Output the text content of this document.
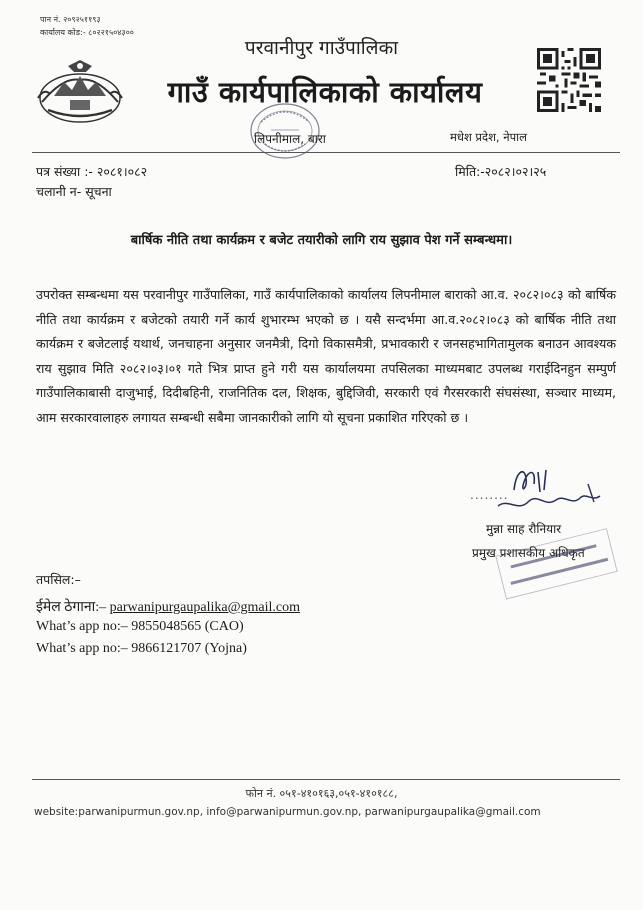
पान नं. २०९२५११९३
कार्यालय कोड:- ८०२२१५०४३००
परवानीपुर गाउँपालिका
गाउँ कार्यपालिकाको कार्यालय
लिपनीमाल, बारा	मधेश प्रदेश, नेपाल
पत्र संख्या :- २०८१।०८२	मिति:-२०८२।०२।२५
चलानी न- सूचना
बार्षिक नीति तथा कार्यक्रम र बजेट तयारीको लागि राय सुझाव पेश गर्ने सम्बन्धमा।
उपरोक्त सम्बन्धमा यस परवानीपुर गाउँपालिका, गाउँ कार्यपालिकाको कार्यालय लिपनीमाल बाराको आ.व. २०८२।०८३ को बार्षिक नीति तथा कार्यक्रम र बजेटको तयारी गर्ने कार्य शुभारम्भ भएको छ । यसै सन्दर्भमा आ.व.२०८२।०८३ को बार्षिक नीति तथा कार्यक्रम र बजेटलाई यथार्थ, जनचाहना अनुसार जनमैत्री, दिगो विकासमैत्री, प्रभावकारी र जनसहभागितामुलक बनाउन आवश्यक राय सुझाव मिति २०८२।०३।०१ गते भित्र प्राप्त हुने गरी यस कार्यालयमा तपसिलका माध्यमबाट उपलब्ध गराईदिनहुन सम्पुर्ण गाउँपालिकाबासी दाजुभाई, दिदीबहिनी, राजनितिक दल, शिक्षक, बुद्दिजिवी, सरकारी एवं गैरसरकारी संघसंस्था, सञ्चार माध्यम, आम सरकारवालाहरु लगायत सम्बन्धी सबैमा जानकारीको लागि यो सूचना प्रकाशित गरिएको छ ।
........
मुन्ना साह रौनियार
प्रमुख प्रशासकीय अधिकृत
तपसिल:–
ईमेल ठेगाना:– parwanipurgaupalika@gmail.com
What’s app no:– 9855048565 (CAO)
What’s app no:– 9866121707 (Yojna)
फोन नं. ०५१-४१०१६३,०५१-४१०१८८,
website:parwanipurmun.gov.np, info@parwanipurmun.gov.np, parwanipurgaupalika@gmail.com
